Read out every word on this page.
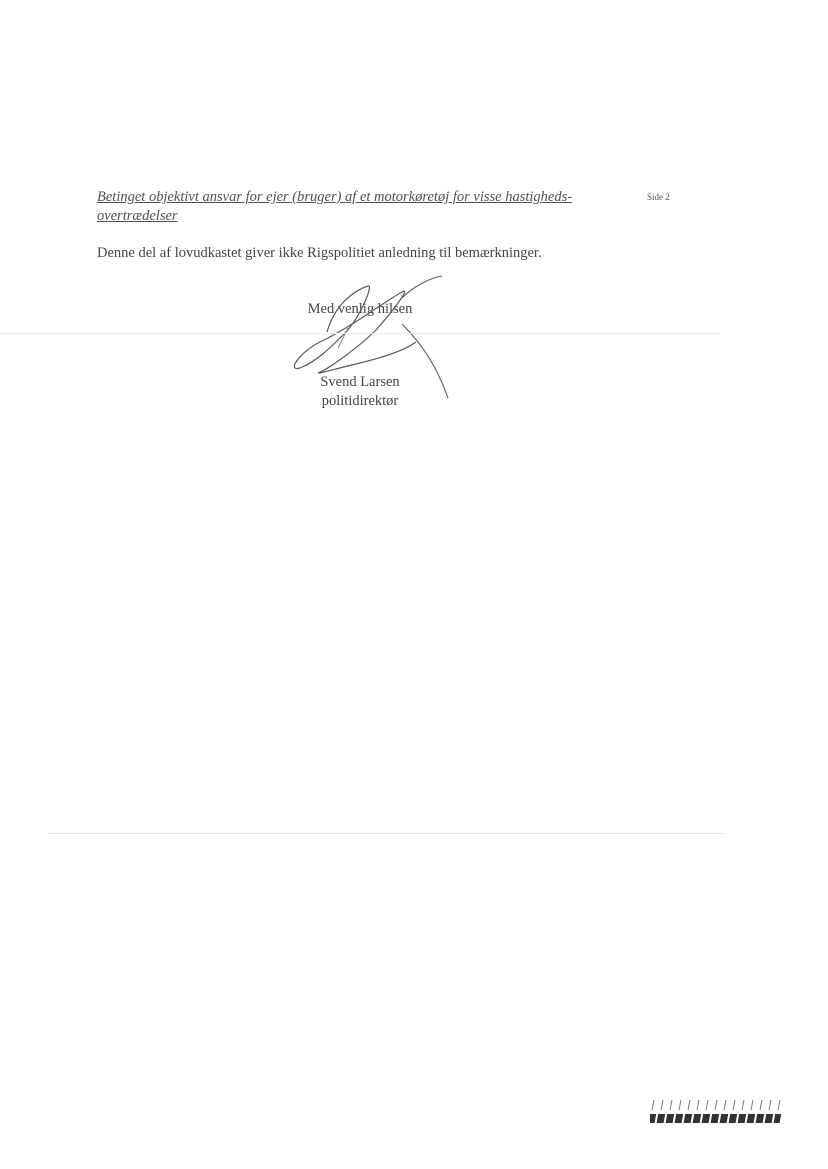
Betinget objektivt ansvar for ejer (bruger) af et motorkøretøj for visse hastigheds-overtrædelser
Side 2
Denne del af lovudkastet giver ikke Rigspolitiet anledning til bemærkninger.
Med venlig hilsen
Svend Larsen
politidirektør
